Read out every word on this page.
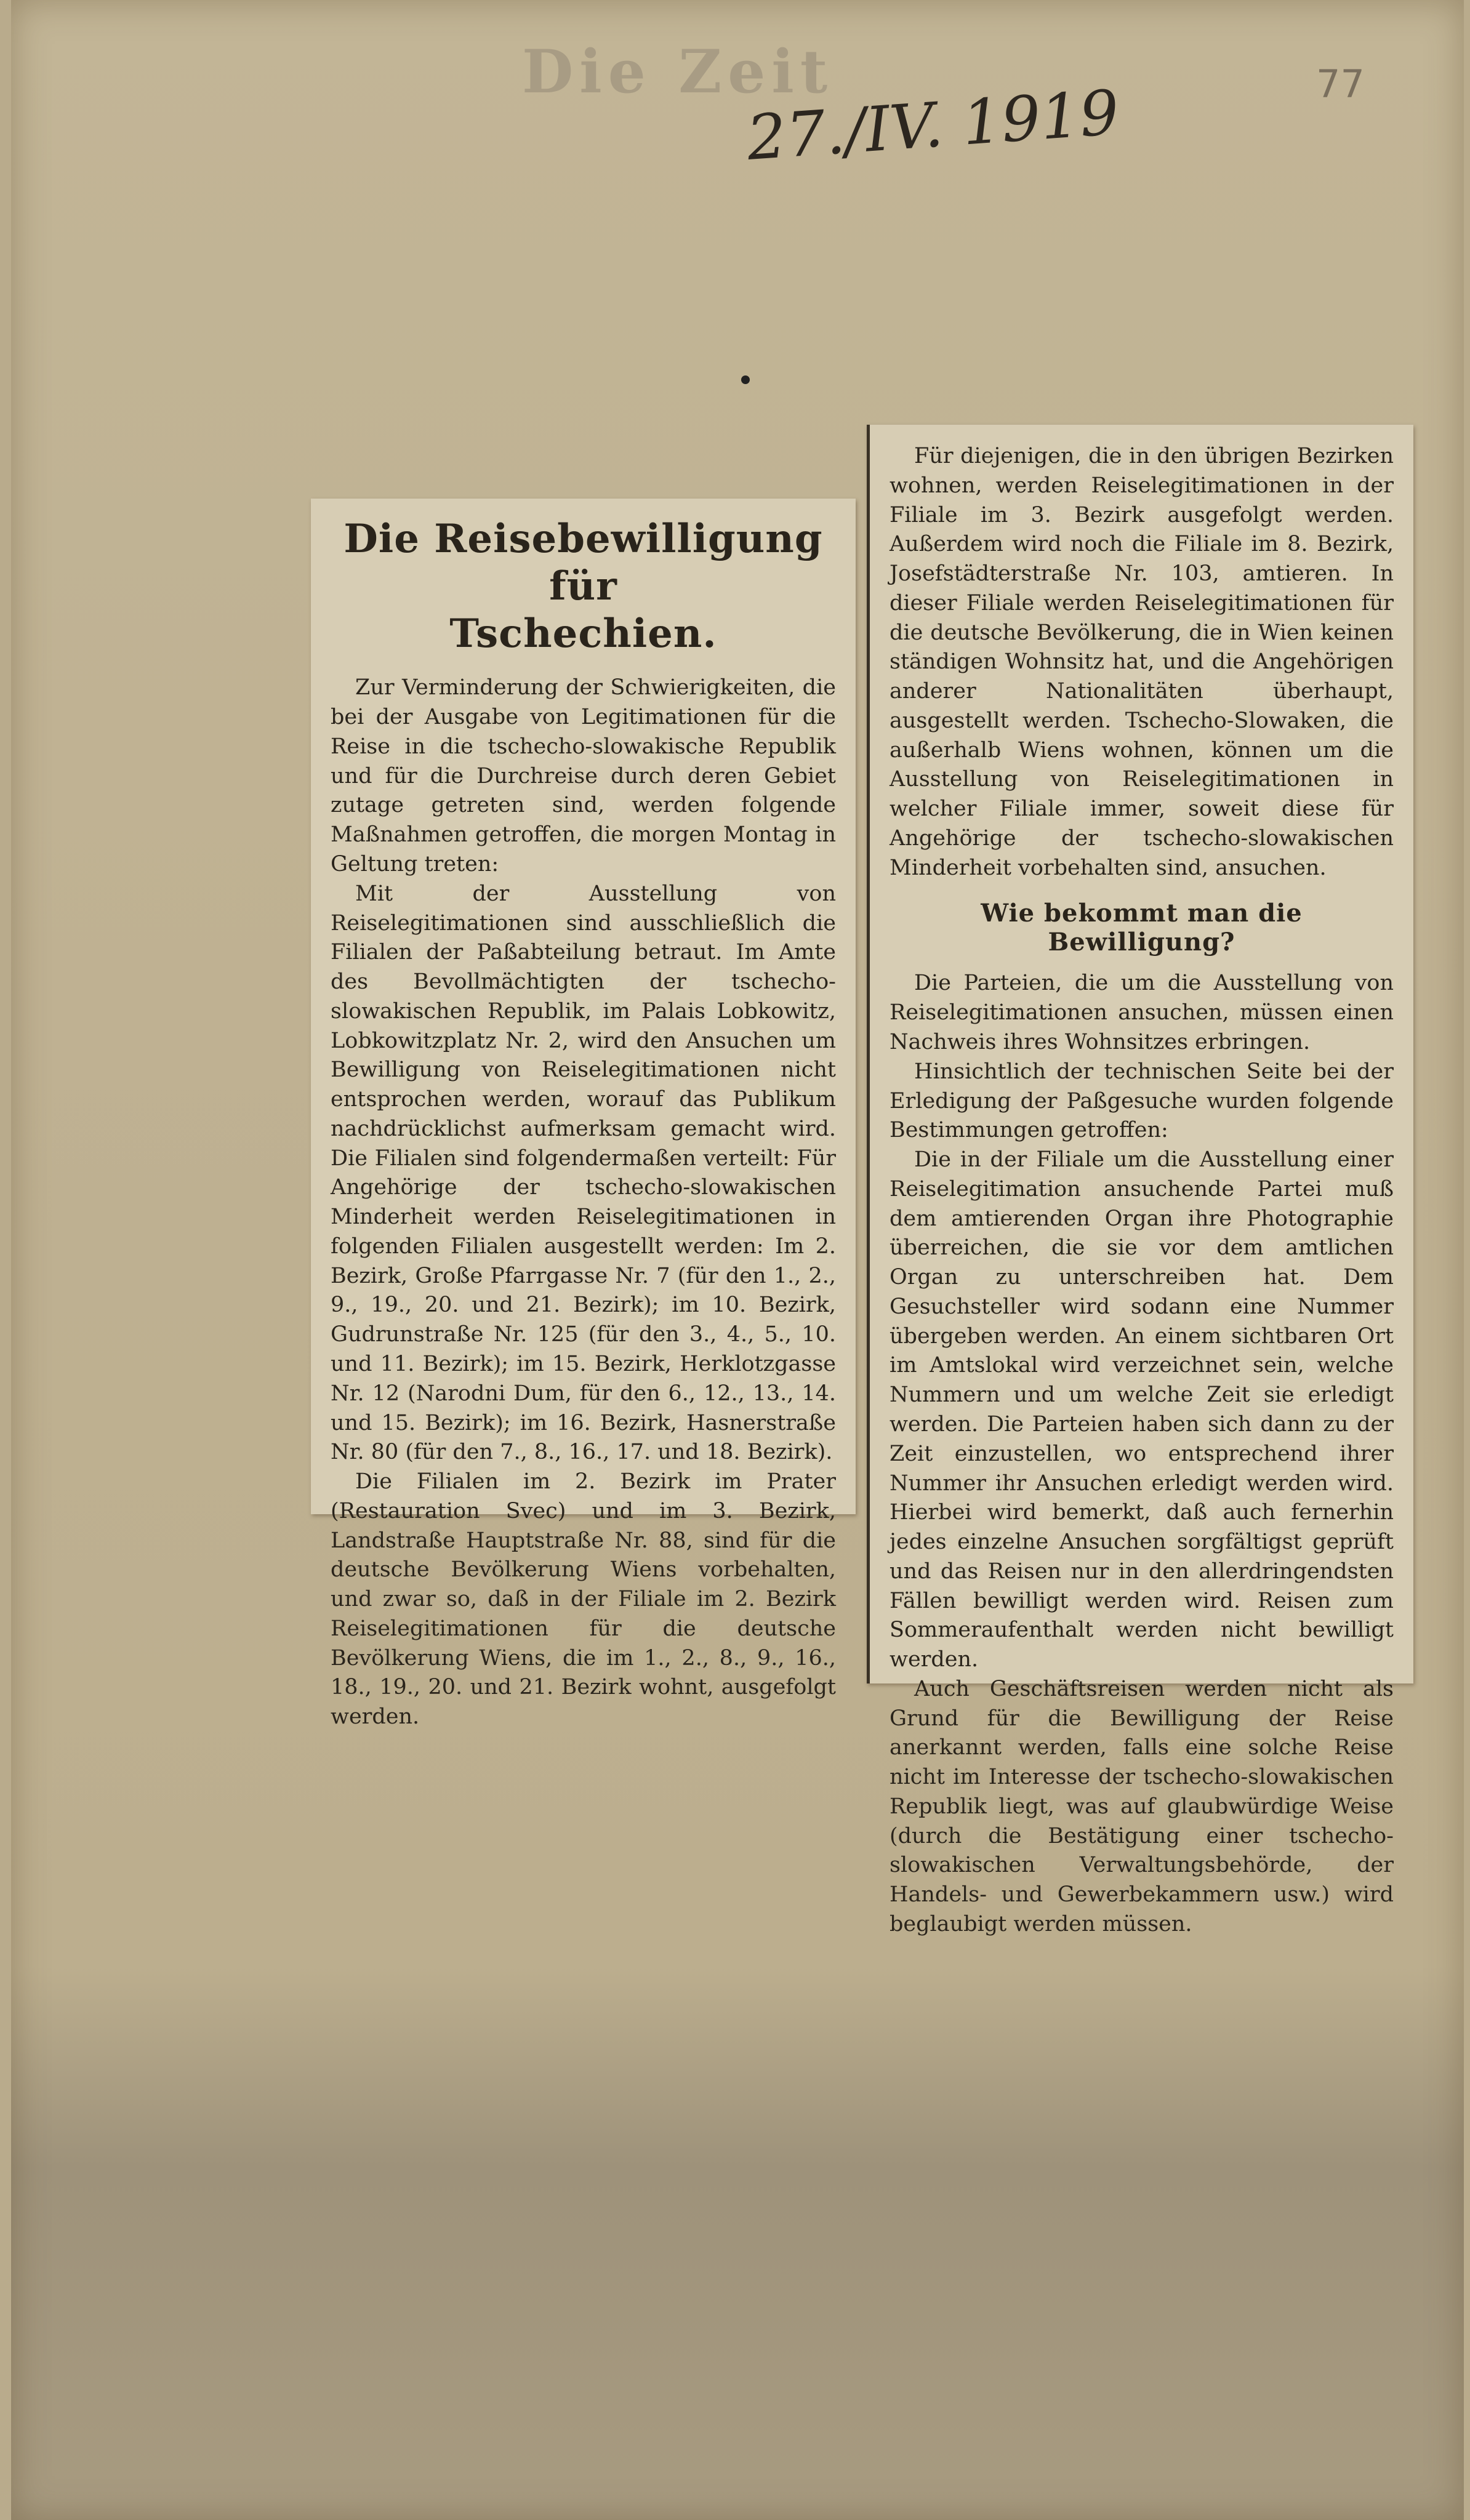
Die Zeit
27./IV. 1919	77
Die Reisebewilligung für
Tschechien.

Zur Verminderung der Schwierigkeiten, die bei der Ausgabe von Legitimationen für die Reise in die tschecho-slowakische Republik und für die Durchreise durch deren Gebiet zutage getreten sind, werden folgende Maßnahmen getroffen, die morgen Montag in Geltung treten:

Mit der Ausstellung von Reiselegitimationen sind ausschließlich die Filialen der Paßabteilung betraut. Im Amte des Bevollmächtigten der tschecho-slowakischen Republik, im Palais Lobkowitz, Lobkowitzplatz Nr. 2, wird den Ansuchen um Bewilligung von Reiselegitimationen nicht entsprochen werden, worauf das Publikum nachdrücklichst aufmerksam gemacht wird. Die Filialen sind folgendermaßen verteilt: Für Angehörige der tschecho-slowakischen Minderheit werden Reiselegitimationen in folgenden Filialen ausgestellt werden: Im 2. Bezirk, Große Pfarrgasse Nr. 7 (für den 1., 2., 9., 19., 20. und 21. Bezirk); im 10. Bezirk, Gudrunstraße Nr. 125 (für den 3., 4., 5., 10. und 11. Bezirk); im 15. Bezirk, Herklotzgasse Nr. 12 (Narodni Dum, für den 6., 12., 13., 14. und 15. Bezirk); im 16. Bezirk, Hasnerstraße Nr. 80 (für den 7., 8., 16., 17. und 18. Bezirk).

Die Filialen im 2. Bezirk im Prater (Restauration Svec) und im 3. Bezirk, Landstraße Hauptstraße Nr. 88, sind für die deutsche Bevölkerung Wiens vorbehalten, und zwar so, daß in der Filiale im 2. Bezirk Reiselegitimationen für die deutsche Bevölkerung Wiens, die im 1., 2., 8., 9., 16., 18., 19., 20. und 21. Bezirk wohnt, ausgefolgt werden.

Für diejenigen, die in den übrigen Bezirken wohnen, werden Reiselegitimationen in der Filiale im 3. Bezirk ausgefolgt werden. Außerdem wird noch die Filiale im 8. Bezirk, Josefstädterstraße Nr. 103, amtieren. In dieser Filiale werden Reiselegitimationen für die deutsche Bevölkerung, die in Wien keinen ständigen Wohnsitz hat, und die Angehörigen anderer Nationalitäten überhaupt, ausgestellt werden. Tschecho-Slowaken, die außerhalb Wiens wohnen, können um die Ausstellung von Reiselegitimationen in welcher Filiale immer, soweit diese für Angehörige der tschecho-slowakischen Minderheit vorbehalten sind, ansuchen.

Wie bekommt man die Bewilligung?

Die Parteien, die um die Ausstellung von Reiselegitimationen ansuchen, müssen einen Nachweis ihres Wohnsitzes erbringen.

Hinsichtlich der technischen Seite bei der Erledigung der Paßgesuche wurden folgende Bestimmungen getroffen:

Die in der Filiale um die Ausstellung einer Reiselegitimation ansuchende Partei muß dem amtierenden Organ ihre Photographie überreichen, die sie vor dem amtlichen Organ zu unterschreiben hat. Dem Gesuchsteller wird sodann eine Nummer übergeben werden. An einem sichtbaren Ort im Amtslokal wird verzeichnet sein, welche Nummern und um welche Zeit sie erledigt werden. Die Parteien haben sich dann zu der Zeit einzustellen, wo entsprechend ihrer Nummer ihr Ansuchen erledigt werden wird. Hierbei wird bemerkt, daß auch fernerhin jedes einzelne Ansuchen sorgfältigst geprüft und das Reisen nur in den allerdringendsten Fällen bewilligt werden wird. Reisen zum Sommeraufenthalt werden nicht bewilligt werden.

Auch Geschäftsreisen werden nicht als Grund für die Bewilligung der Reise anerkannt werden, falls eine solche Reise nicht im Interesse der tschecho-slowakischen Republik liegt, was auf glaubwürdige Weise (durch die Bestätigung einer tschecho-slowakischen Verwaltungsbehörde, der Handels- und Gewerbekammern usw.) wird beglaubigt werden müssen.
